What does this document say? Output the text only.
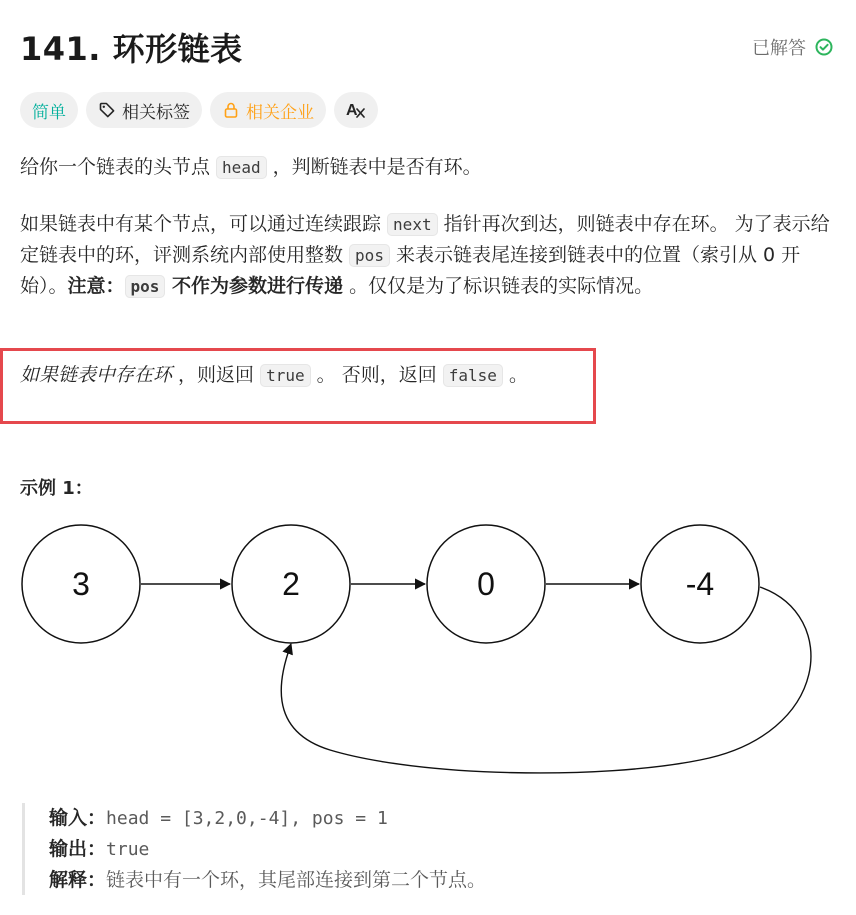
141. 环形链表	已解答
简单	相关标签	相关企业 A
给你一个链表的头节点 head ，判断链表中是否有环。
如果链表中有某个节点，可以通过连续跟踪 next 指针再次到达，则链表中存在环。 为了表示给定链表中的环，评测系统内部使用整数 pos 来表示链表尾连接到链表中的位置（索引从 0 开始）。注意： pos 不作为参数进行传递 。仅仅是为了标识链表的实际情况。
如果链表中存在环 ，则返回 true 。 否则，返回 false 。
示例 1：
3	2	0	-4
输入：head = [3,2,0,-4], pos = 1
输出：true
解释：链表中有一个环，其尾部连接到第二个节点。
